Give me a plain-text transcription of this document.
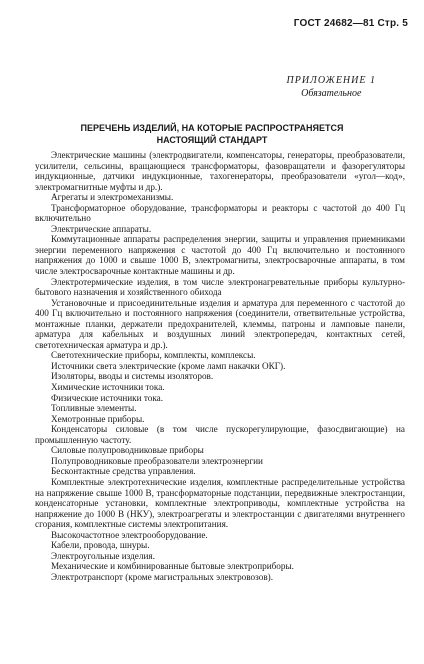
ГОСТ 24682—81 Стр. 5
ПРИЛОЖЕНИЕ 1
Обязательное
ПЕРЕЧЕНЬ ИЗДЕЛИЙ, НА КОТОРЫЕ РАСПРОСТРАНЯЕТСЯ
НАСТОЯЩИЙ СТАНДАРТ

Электрические машины (электродвигатели, компенсаторы, генераторы, преобразователи, усилители, сельсины, вращающиеся трансформаторы, фазовращатели и фазорегуляторы индукционные, датчики индукционные, тахогенераторы, преобразователи «угол—код», электромагнитные муфты и др.).

Агрегаты и электромеханизмы.

Трансформаторное оборудование, трансформаторы и реакторы с частотой до 400 Гц включительно

Электрические аппараты.

Коммутационные аппараты распределения энергии, защиты и управления приемниками энергии переменного напряжения с частотой до 400 Гц включительно и постоянного напряжения до 1000 и свыше 1000 В, электромагниты, электросварочные аппараты, в том числе электросварочные контактные машины и др.

Электротермические изделия, в том числе электронагревательные приборы культурно-бытового назначения и хозяйственного обихода

Установочные и присоединительные изделия и арматура для переменного с частотой до 400 Гц включительно и постоянного напряжения (соединители, ответвительные устройства, монтажные планки, держатели предохранителей, клеммы, патроны и ламповые панели, арматура для кабельных и воздушных линий электропередач, контактных сетей, светотехническая арматура и др.).

Светотехнические приборы, комплекты, комплексы.

Источники света электрические (кроме ламп накачки ОКГ).

Изоляторы, вводы и системы изоляторов.

Химические источники тока.

Физические источники тока.

Топливные элементы.

Хемотронные приборы.

Конденсаторы силовые (в том числе пускорегулирующие, фазосдвигающие) на промышленную частоту.

Силовые полупроводниковые приборы

Полупроводниковые преобразователи электроэнергии

Бесконтактные средства управления.

Комплектные электротехнические изделия, комплектные распределительные устройства на напряжение свыше 1000 В, трансформаторные подстанции, передвижные электростанции, конденсаторные установки, комплектные электроприводы, комплектные устройства на напряжение до 1000 В (НКУ), электроагрегаты и электростанции с двигателями внутреннего сгорания, комплектные системы электропитания.

Высокочастотное электрооборудование.

Кабели, провода, шнуры.

Электроугольные изделия.

Механические и комбинированные бытовые электроприборы.

Электротранспорт (кроме магистральных электровозов).
